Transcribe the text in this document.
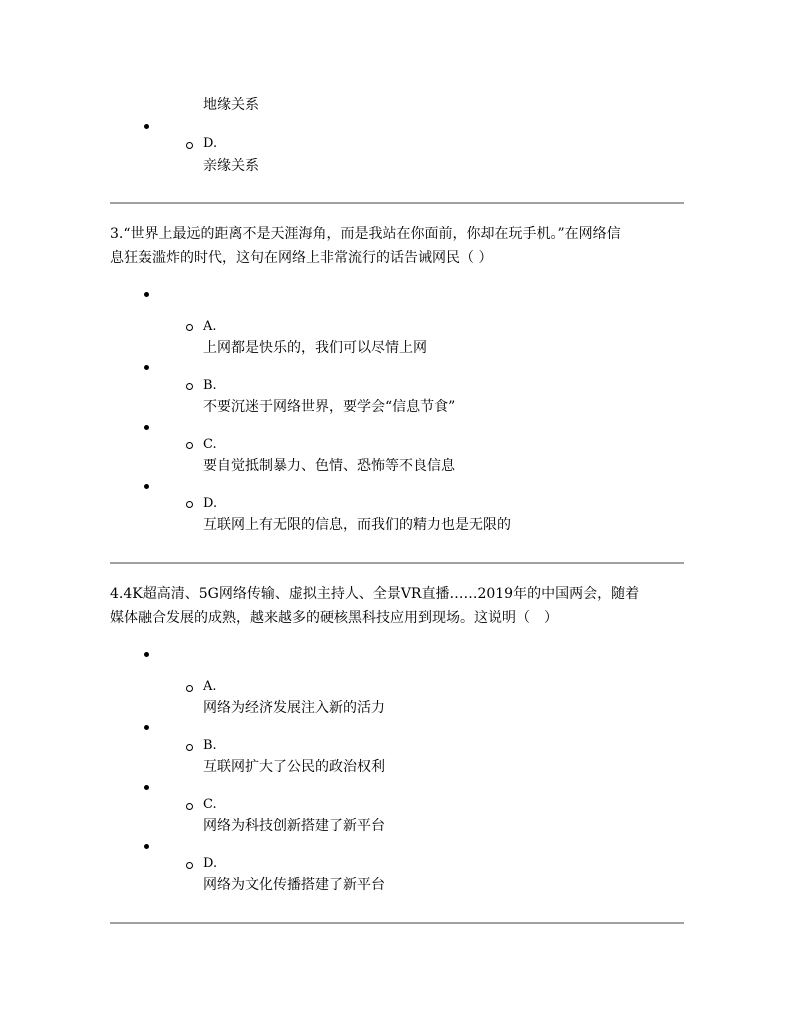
地缘关系
D.
亲缘关系
3.“世界上最远的距离不是天涯海角，而是我站在你面前，你却在玩手机。”在网络信
息狂轰滥炸的时代，这句在网络上非常流行的话告诫网民（ ）
A.
上网都是快乐的，我们可以尽情上网
B.
不要沉迷于网络世界，要学会“信息节食”
C.
要自觉抵制暴力、色情、恐怖等不良信息
D.
互联网上有无限的信息，而我们的精力也是无限的
4.4K超高清、5G网络传输、虚拟主持人、全景VR直播……2019年的中国两会，随着
媒体融合发展的成熟，越来越多的硬核黑科技应用到现场。这说明（　）
A.
网络为经济发展注入新的活力
B.
互联网扩大了公民的政治权利
C.
网络为科技创新搭建了新平台
D.
网络为文化传播搭建了新平台
